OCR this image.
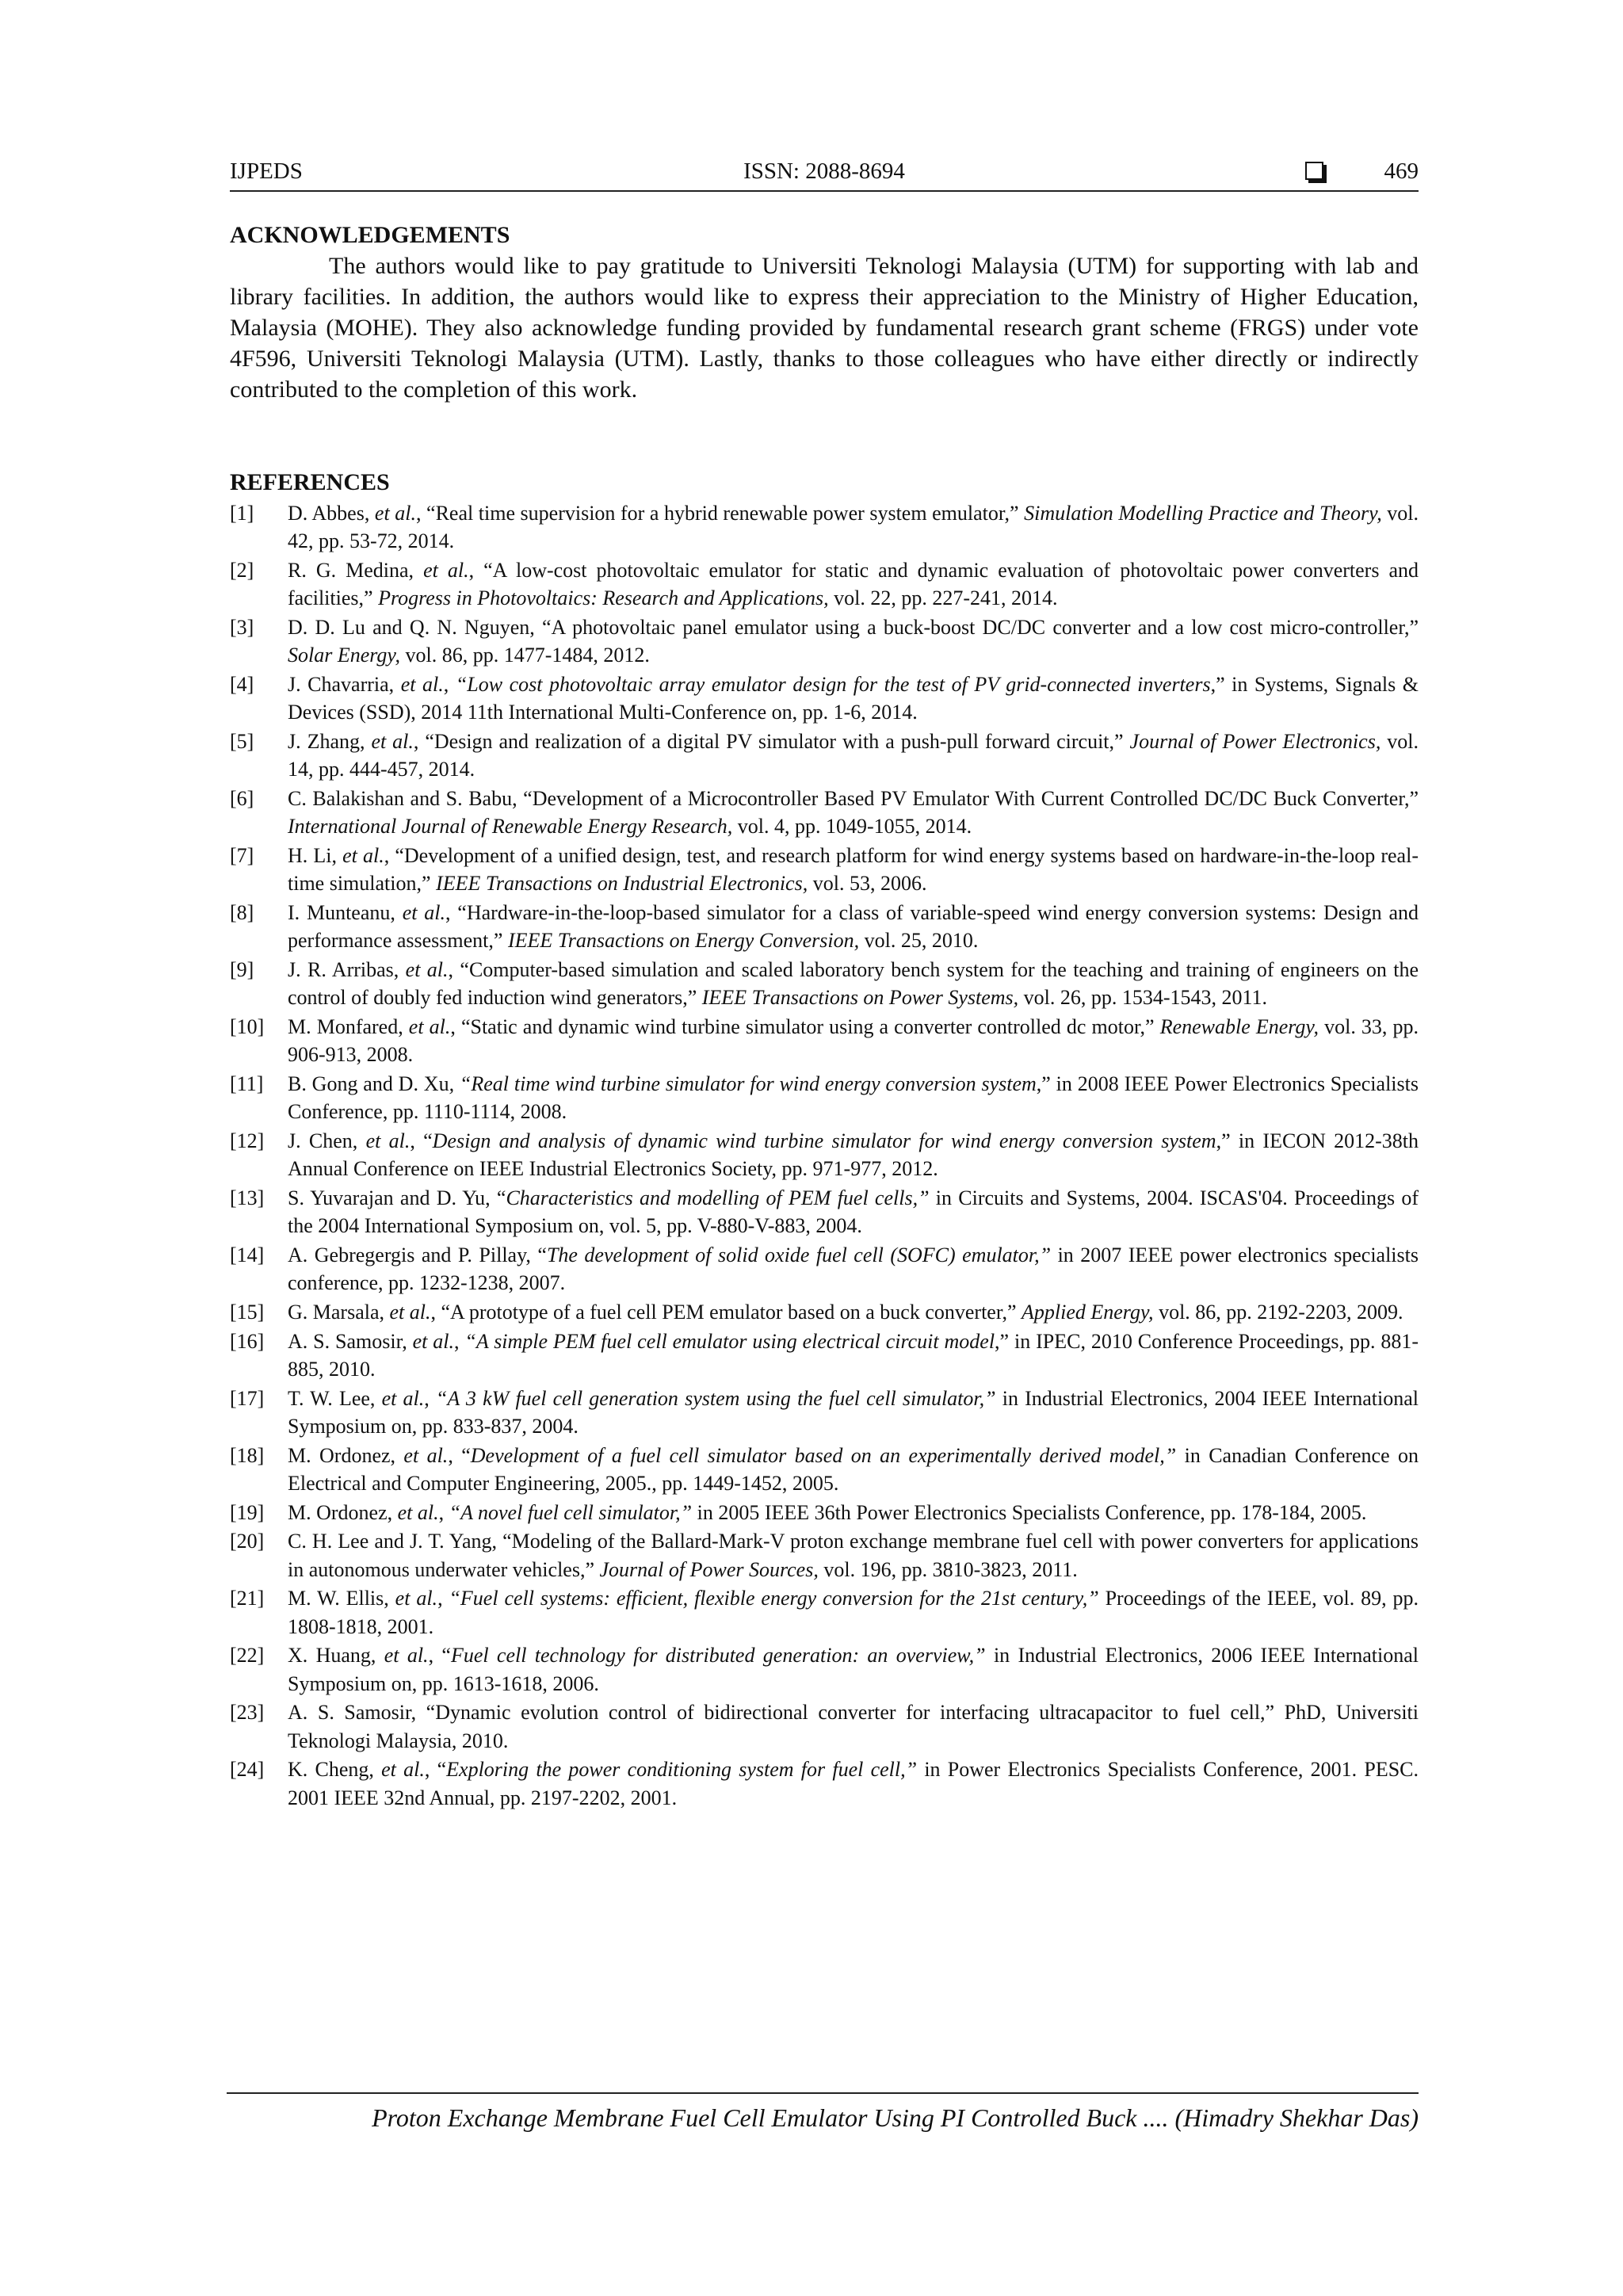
IJPEDS	ISSN: 2088-8694	469
ACKNOWLEDGEMENTS

The authors would like to pay gratitude to Universiti Teknologi Malaysia (UTM) for supporting with lab and library facilities. In addition, the authors would like to express their appreciation to the Ministry of Higher Education, Malaysia (MOHE). They also acknowledge funding provided by fundamental research grant scheme (FRGS) under vote 4F596, Universiti Teknologi Malaysia (UTM). Lastly, thanks to those colleagues who have either directly or indirectly contributed to the completion of this work.

REFERENCES
[1] D. Abbes, et al., “Real time supervision for a hybrid renewable power system emulator,” Simulation Modelling Practice and Theory, vol. 42, pp. 53-72, 2014.
[2] R. G. Medina, et al., “A low-cost photovoltaic emulator for static and dynamic evaluation of photovoltaic power converters and facilities,” Progress in Photovoltaics: Research and Applications, vol. 22, pp. 227-241, 2014.
[3] D. D. Lu and Q. N. Nguyen, “A photovoltaic panel emulator using a buck-boost DC/DC converter and a low cost micro-controller,” Solar Energy, vol. 86, pp. 1477-1484, 2012.
[4] J. Chavarria, et al., “Low cost photovoltaic array emulator design for the test of PV grid-connected inverters,” in Systems, Signals & Devices (SSD), 2014 11th International Multi-Conference on, pp. 1-6, 2014.
[5] J. Zhang, et al., “Design and realization of a digital PV simulator with a push-pull forward circuit,” Journal of Power Electronics, vol. 14, pp. 444-457, 2014.
[6] C. Balakishan and S. Babu, “Development of a Microcontroller Based PV Emulator With Current Controlled DC/DC Buck Converter,” International Journal of Renewable Energy Research, vol. 4, pp. 1049-1055, 2014.
[7] H. Li, et al., “Development of a unified design, test, and research platform for wind energy systems based on hardware-in-the-loop real-time simulation,” IEEE Transactions on Industrial Electronics, vol. 53, 2006.
[8] I. Munteanu, et al., “Hardware-in-the-loop-based simulator for a class of variable-speed wind energy conversion systems: Design and performance assessment,” IEEE Transactions on Energy Conversion, vol. 25, 2010.
[9] J. R. Arribas, et al., “Computer-based simulation and scaled laboratory bench system for the teaching and training of engineers on the control of doubly fed induction wind generators,” IEEE Transactions on Power Systems, vol. 26, pp. 1534-1543, 2011.
[10] M. Monfared, et al., “Static and dynamic wind turbine simulator using a converter controlled dc motor,” Renewable Energy, vol. 33, pp. 906-913, 2008.
[11] B. Gong and D. Xu, “Real time wind turbine simulator for wind energy conversion system,” in 2008 IEEE Power Electronics Specialists Conference, pp. 1110-1114, 2008.
[12] J. Chen, et al., “Design and analysis of dynamic wind turbine simulator for wind energy conversion system,” in IECON 2012-38th Annual Conference on IEEE Industrial Electronics Society, pp. 971-977, 2012.
[13] S. Yuvarajan and D. Yu, “Characteristics and modelling of PEM fuel cells,” in Circuits and Systems, 2004. ISCAS'04. Proceedings of the 2004 International Symposium on, vol. 5, pp. V-880-V-883, 2004.
[14] A. Gebregergis and P. Pillay, “The development of solid oxide fuel cell (SOFC) emulator,” in 2007 IEEE power electronics specialists conference, pp. 1232-1238, 2007.
[15] G. Marsala, et al., “A prototype of a fuel cell PEM emulator based on a buck converter,” Applied Energy, vol. 86, pp. 2192-2203, 2009.
[16] A. S. Samosir, et al., “A simple PEM fuel cell emulator using electrical circuit model,” in IPEC, 2010 Conference Proceedings, pp. 881-885, 2010.
[17] T. W. Lee, et al., “A 3 kW fuel cell generation system using the fuel cell simulator,” in Industrial Electronics, 2004 IEEE International Symposium on, pp. 833-837, 2004.
[18] M. Ordonez, et al., “Development of a fuel cell simulator based on an experimentally derived model,” in Canadian Conference on Electrical and Computer Engineering, 2005., pp. 1449-1452, 2005.
[19] M. Ordonez, et al., “A novel fuel cell simulator,” in 2005 IEEE 36th Power Electronics Specialists Conference, pp. 178-184, 2005.
[20] C. H. Lee and J. T. Yang, “Modeling of the Ballard-Mark-V proton exchange membrane fuel cell with power converters for applications in autonomous underwater vehicles,” Journal of Power Sources, vol. 196, pp. 3810-3823, 2011.
[21] M. W. Ellis, et al., “Fuel cell systems: efficient, flexible energy conversion for the 21st century,” Proceedings of the IEEE, vol. 89, pp. 1808-1818, 2001.
[22] X. Huang, et al., “Fuel cell technology for distributed generation: an overview,” in Industrial Electronics, 2006 IEEE International Symposium on, pp. 1613-1618, 2006.
[23] A. S. Samosir, “Dynamic evolution control of bidirectional converter for interfacing ultracapacitor to fuel cell,” PhD, Universiti Teknologi Malaysia, 2010.
[24] K. Cheng, et al., “Exploring the power conditioning system for fuel cell,” in Power Electronics Specialists Conference, 2001. PESC. 2001 IEEE 32nd Annual, pp. 2197-2202, 2001.
Proton Exchange Membrane Fuel Cell Emulator Using PI Controlled Buck .... (Himadry Shekhar Das)
